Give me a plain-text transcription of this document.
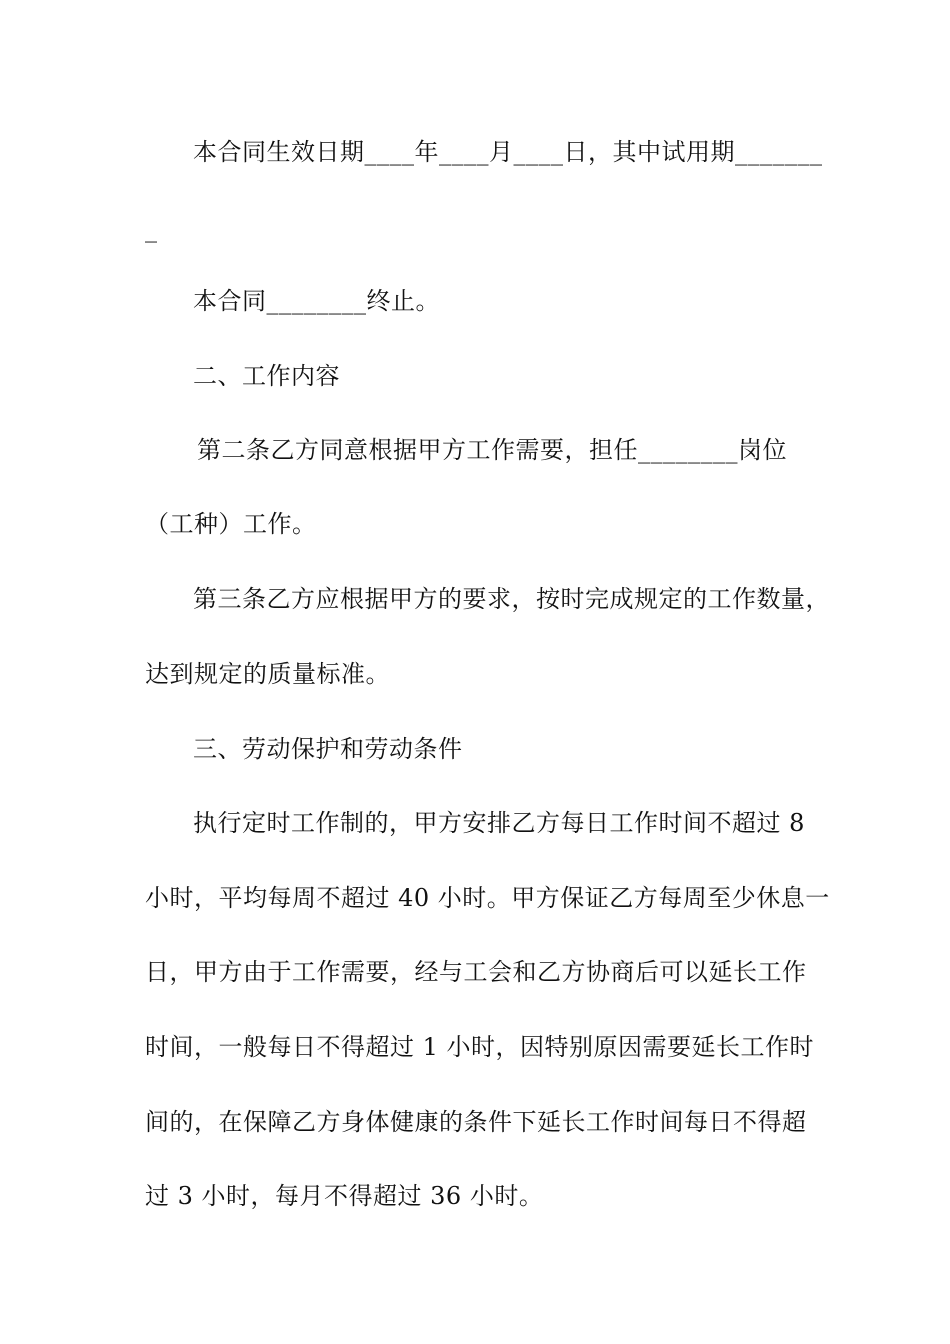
本合同生效日期____年____月____日，其中试用期_______
_
本合同________终止。
二、工作内容
第二条乙方同意根据甲方工作需要，担任________岗位
（工种）工作。
第三条乙方应根据甲方的要求，按时完成规定的工作数量，
达到规定的质量标准。
三、劳动保护和劳动条件
执行定时工作制的，甲方安排乙方每日工作时间不超过 8
小时，平均每周不超过 40 小时。甲方保证乙方每周至少休息一
日，甲方由于工作需要，经与工会和乙方协商后可以延长工作
时间，一般每日不得超过 1 小时，因特别原因需要延长工作时
间的，在保障乙方身体健康的条件下延长工作时间每日不得超
过 3 小时，每月不得超过 36 小时。
